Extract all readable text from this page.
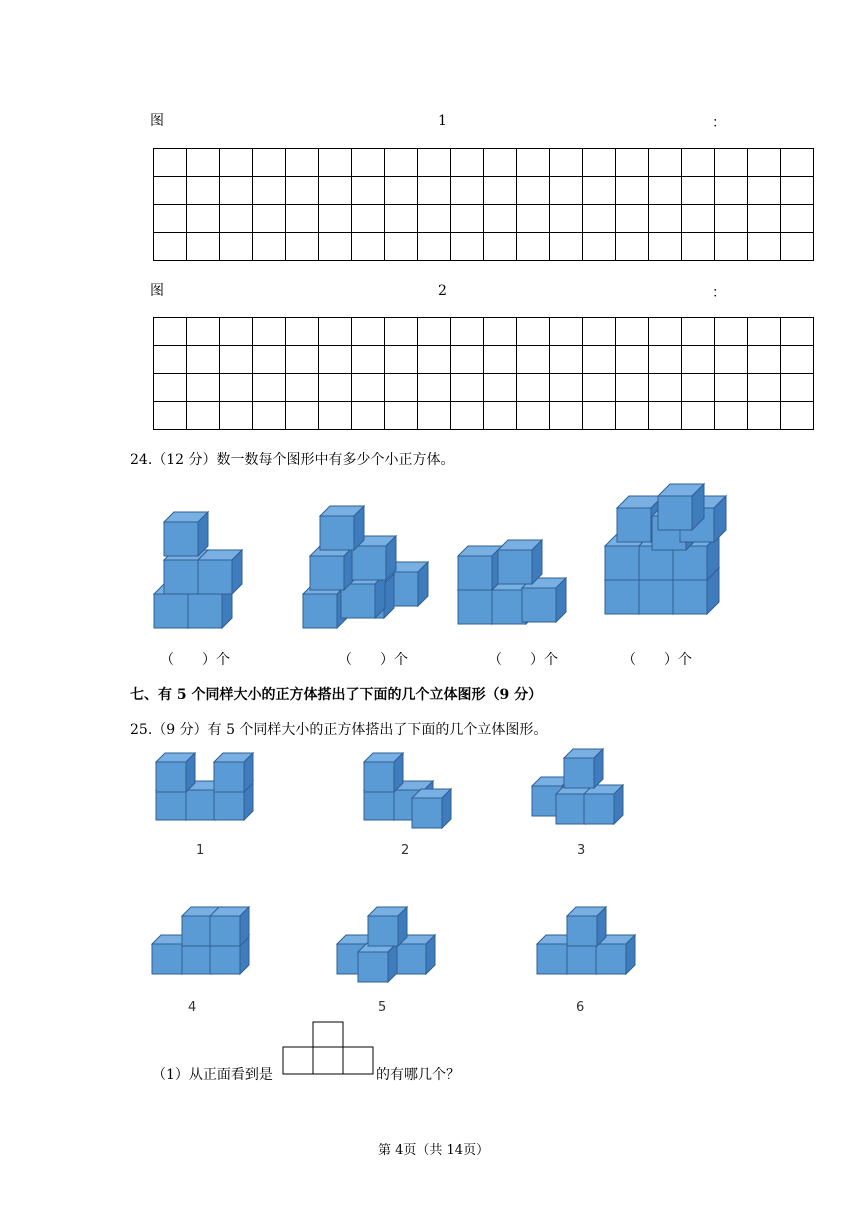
图	1	：

图	2	：

24.（12 分）数一数每个图形中有多少个小正方体。
（　　）个	（　　）个	（　　）个	（　　）个
七、有 5 个同样大小的正方体搭出了下面的几个立体图形（9 分）
25.（9 分）有 5 个同样大小的正方体搭出了下面的几个立体图形。
1	2	3
4	5	6
（1）从正面看到是	的有哪几个？
第 4页（共 14页）
